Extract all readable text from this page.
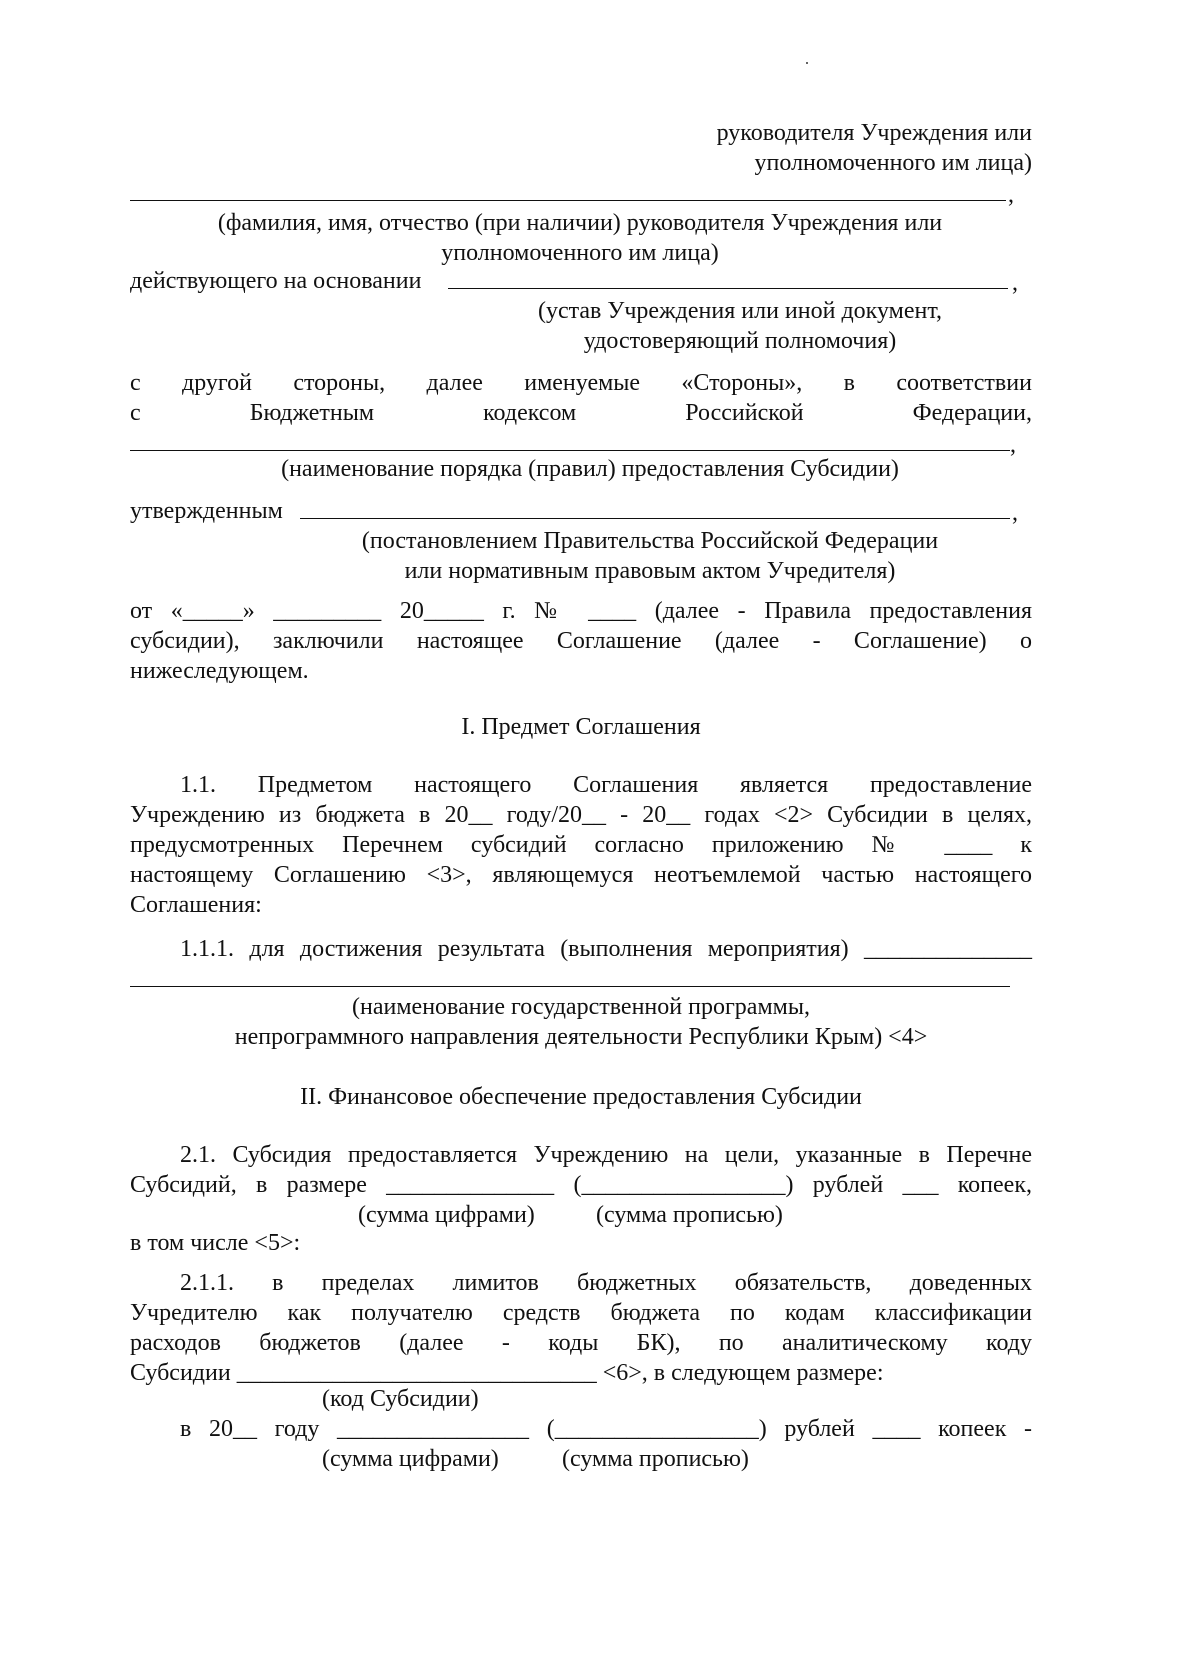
руководителя Учреждения или
уполномоченного им лица)
,
(фамилия, имя, отчество (при наличии) руководителя Учреждения или
уполномоченного им лица)
действующего на основании	,
(устав Учреждения или иной документ,
удостоверяющий полномочия)
с другой стороны, далее именуемые «Стороны», в соответствии
с	Бюджетным	кодексом	Российской	Федерации,
,
(наименование порядка (правил) предоставления Субсидии)
утвержденным	,
(постановлением Правительства Российской Федерации
или нормативным правовым актом Учредителя)
от «_____» _________ 20_____ г. № ____ (далее - Правила предоставления
субсидии), заключили настоящее Соглашение (далее - Соглашение) о
нижеследующем.
I. Предмет Соглашения
1.1. Предметом настоящего Соглашения является предоставление
Учреждению из бюджета в 20__ году/20__ - 20__ годах <2> Субсидии в целях,
предусмотренных Перечнем субсидий согласно приложению № ____ к
настоящему Соглашению <3>, являющемуся неотъемлемой частью настоящего
Соглашения:
1.1.1. для достижения результата (выполнения мероприятия) ______________
(наименование государственной программы,
непрограммного направления деятельности Республики Крым) <4>
II. Финансовое обеспечение предоставления Субсидии
2.1. Субсидия предоставляется Учреждению на цели, указанные в Перечне
Субсидий, в размере ______________ (_________________) рублей ___ копеек,
(сумма цифрами)	(сумма прописью)
в том числе <5>:
2.1.1. в пределах лимитов бюджетных обязательств, доведенных
Учредителю как получателю средств бюджета по кодам классификации
расходов бюджетов (далее - коды БК), по аналитическому коду
Субсидии ______________________________ <6>, в следующем размере:
(код Субсидии)
в 20__ году ________________ (_________________) рублей ____ копеек -
(сумма цифрами)	(сумма прописью)
